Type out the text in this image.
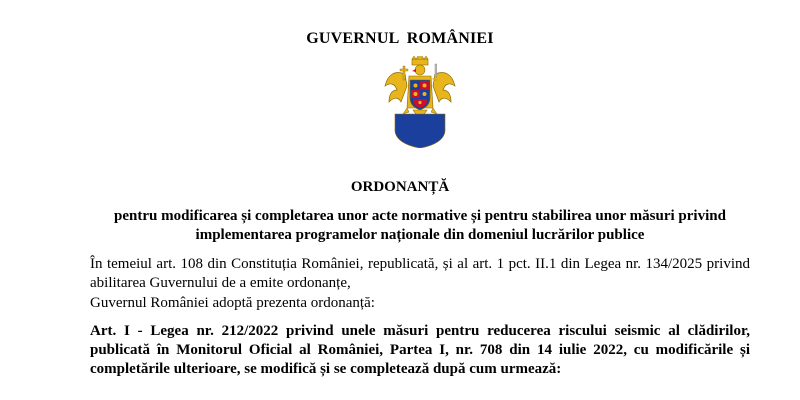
GUVERNUL ROMÂNIEI
ORDONANȚĂ
pentru modificarea și completarea unor acte normative și pentru stabilirea unor măsuri privind implementarea programelor naționale din domeniul lucrărilor publice
În temeiul art. 108 din Constituția României, republicată, și al art. 1 pct. II.1 din Legea nr. 134/2025 privind abilitarea Guvernului de a emite ordonanțe,
Guvernul României adoptă prezenta ordonanță:
Art. I - Legea nr. 212/2022 privind unele măsuri pentru reducerea riscului seismic al clădirilor, publicată în Monitorul Oficial al României, Partea I, nr. 708 din 14 iulie 2022, cu modificările și completările ulterioare, se modifică și se completează după cum urmează:
